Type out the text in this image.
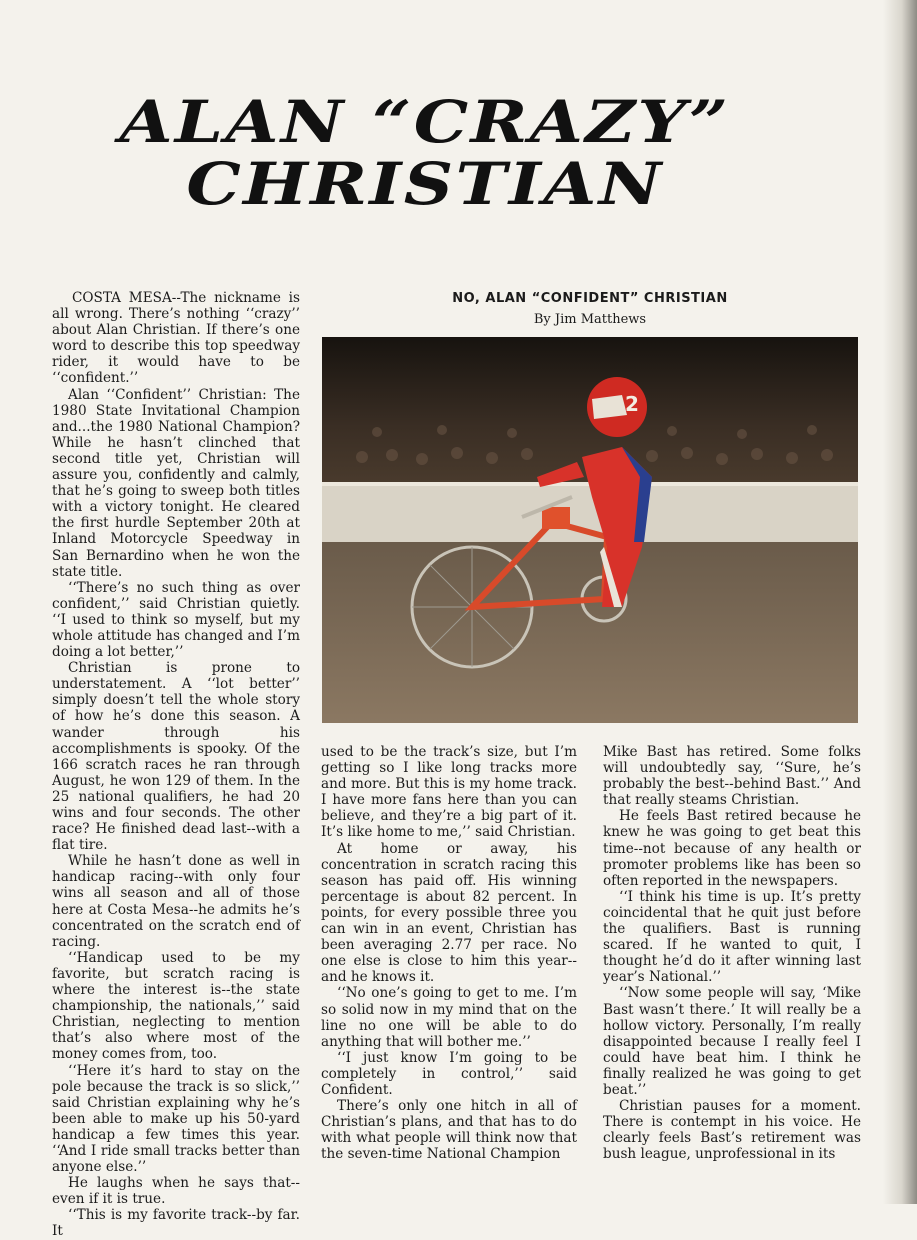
ALAN “CRAZY”
CHRISTIAN

COSTA MESA--The nickname is all wrong. There’s nothing ‘‘crazy’’ about Alan Christian. If there’s one word to describe this top speedway rider, it would have to be ‘‘confident.’’

Alan ‘‘Confident’’ Christian: The 1980 State Invitational Champion and...the 1980 National Champion? While he hasn’t clinched that second title yet, Christian will assure you, confidently and calmly, that he’s going to sweep both titles with a victory tonight. He cleared the first hurdle September 20th at Inland Motorcycle Speedway in San Bernardino when he won the state title.

‘‘There’s no such thing as over confident,’’ said Christian quietly. ‘‘I used to think so myself, but my whole attitude has changed and I’m doing a lot better,’’

Christian is prone to understatement. A ‘‘lot better’’ simply doesn’t tell the whole story of how he’s done this season. A wander through his accomplishments is spooky. Of the 166 scratch races he ran through August, he won 129 of them. In the 25 national qualifiers, he had 20 wins and four seconds. The other race? He finished dead last--with a flat tire.

While he hasn’t done as well in handicap racing--with only four wins all season and all of those here at Costa Mesa--he admits he’s concentrated on the scratch end of racing.

‘‘Handicap used to be my favorite, but scratch racing is where the interest is--the state championship, the nationals,’’ said Christian, neglecting to mention that’s also where most of the money comes from, too.

‘‘Here it’s hard to stay on the pole because the track is so slick,’’ said Christian explaining why he’s been able to make up his 50-yard handicap a few times this year. ‘‘And I ride small tracks better than anyone else.’’

He laughs when he says that--even if it is true.

‘‘This is my favorite track--by far. It

NO, ALAN “CONFIDENT” CHRISTIAN
By Jim Matthews
2

used to be the track’s size, but I’m getting so I like long tracks more and more. But this is my home track. I have more fans here than you can believe, and they’re a big part of it. It’s like home to me,’’ said Christian.

At home or away, his concentration in scratch racing this season has paid off. His winning percentage is about 82 percent. In points, for every possible three you can win in an event, Christian has been averaging 2.77 per race. No one else is close to him this year--and he knows it.

‘‘No one’s going to get to me. I’m so solid now in my mind that on the line no one will be able to do anything that will bother me.’’

‘‘I just know I’m going to be completely in control,’’ said Confident.

There’s only one hitch in all of Christian’s plans, and that has to do with what people will think now that the seven-time National Champion

Mike Bast has retired. Some folks will undoubtedly say, ‘‘Sure, he’s probably the best--behind Bast.’’ And that really steams Christian.

He feels Bast retired because he knew he was going to get beat this time--not because of any health or promoter problems like has been so often reported in the newspapers.

‘‘I think his time is up. It’s pretty coincidental that he quit just before the qualifiers. Bast is running scared. If he wanted to quit, I thought he’d do it after winning last year’s National.’’

‘‘Now some people will say, ‘Mike Bast wasn’t there.’ It will really be a hollow victory. Personally, I’m really disappointed because I really feel I could have beat him. I think he finally realized he was going to get beat.’’

Christian pauses for a moment. There is contempt in his voice. He clearly feels Bast’s retirement was bush league, unprofessional in its
